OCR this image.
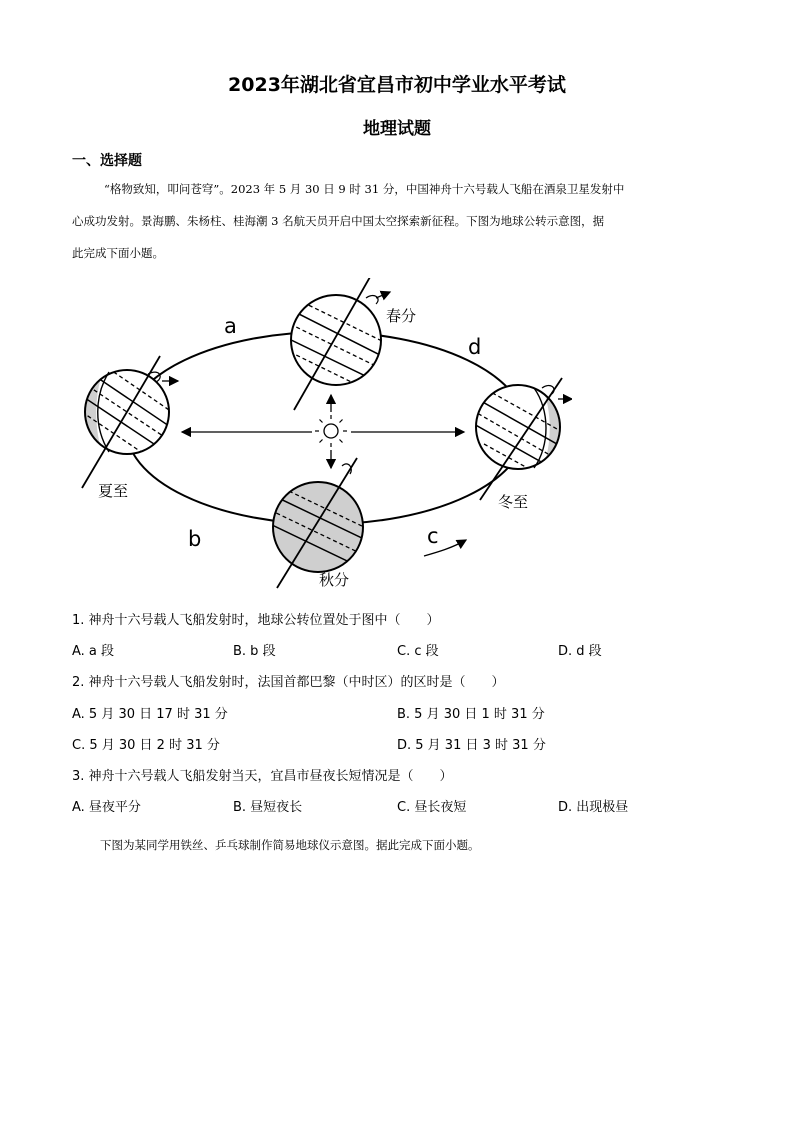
2023年湖北省宜昌市初中学业水平考试
地理试题
一、选择题
“格物致知，叩问苍穹”。2023 年 5 月 30 日 9 时 31 分，中国神舟十六号载人飞船在酒泉卫星发射中
心成功发射。景海鹏、朱杨柱、桂海潮 3 名航天员开启中国太空探索新征程。下图为地球公转示意图，据
此完成下面小题。
a
b	c
d
春分
夏至
秋分
冬至
1. 神舟十六号载人飞船发射时，地球公转位置处于图中（　　）
A. a 段	B. b 段	C. c 段	D. d 段
2. 神舟十六号载人飞船发射时，法国首都巴黎（中时区）的区时是（　　）
A. 5 月 30 日 17 时 31 分	B. 5 月 30 日 1 时 31 分
C. 5 月 30 日 2 时 31 分	D. 5 月 31 日 3 时 31 分
3. 神舟十六号载人飞船发射当天，宜昌市昼夜长短情况是（　　）
A. 昼夜平分	B. 昼短夜长	C. 昼长夜短	D. 出现极昼
下图为某同学用铁丝、乒乓球制作简易地球仪示意图。据此完成下面小题。
